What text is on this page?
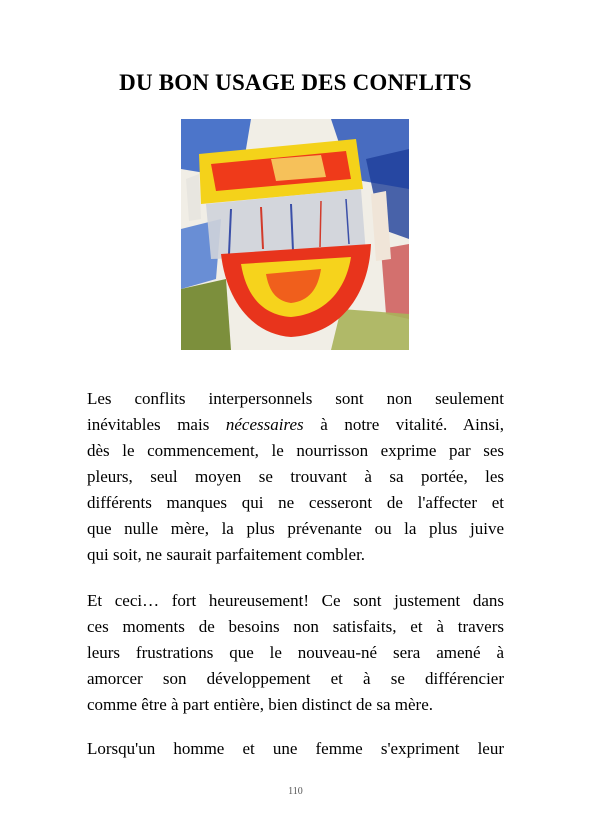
DU BON USAGE DES CONFLITS
Les conflits interpersonnels sont non seulement
inévitables mais nécessaires à notre vitalité. Ainsi,
dès le commencement, le nourrisson exprime par ses
pleurs, seul moyen se trouvant à sa portée, les
différents manques qui ne cesseront de l'affecter et
que nulle mère, la plus prévenante ou la plus juive
qui soit, ne saurait parfaitement combler.
Et ceci… fort heureusement! Ce sont justement dans
ces moments de besoins non satisfaits, et à travers
leurs frustrations que le nouveau-né sera amené à
amorcer son développement et à se différencier
comme être à part entière, bien distinct de sa mère.
Lorsqu'un homme et une femme s'expriment leur
110
